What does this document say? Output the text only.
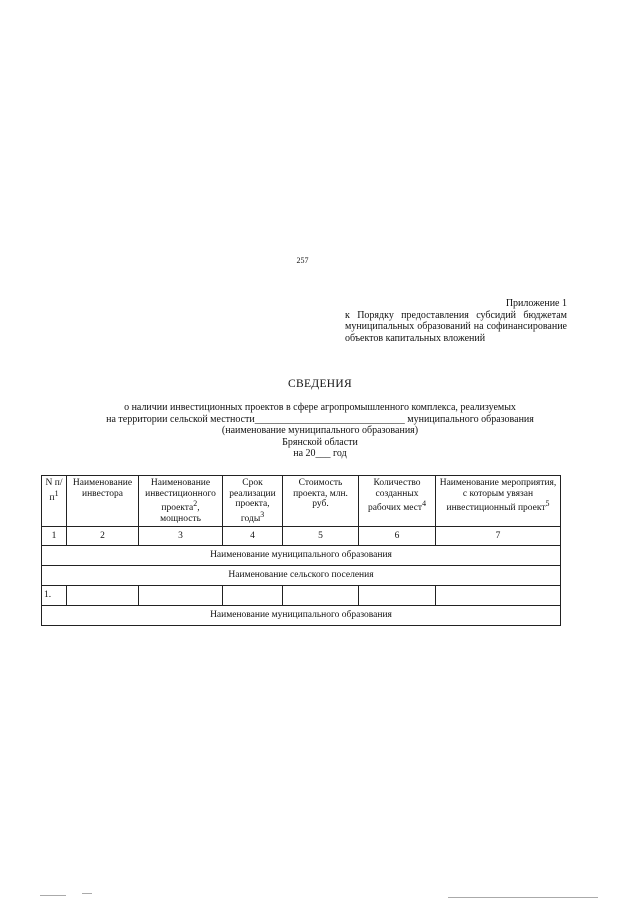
257
Приложение 1
к Порядку предоставления субсидий бюджетам муниципальных образований на софинансирование объектов капитальных вложений
СВЕДЕНИЯ
о наличии инвестиционных проектов в сфере агропромышленного комплекса, реализуемых
на территории сельской местности______________________________ муниципального образования
(наименование муниципального образования)
Брянской области
на 20___ год
N $п/п^1$	Наименование инвестора	Наименование инвестиционного проекта$^2$, мощность	Срок реализации проекта, годы$^3$	Стоимость проекта, млн. руб.	Количество созданных рабочих мест$^4$	Наименование мероприятия, с которым увязан инвестиционный проект$^5$
1	2	3	4	5	6	7
Наименование муниципального образования						
Наименование сельского поселения						
1.						
Наименование муниципального образования						
